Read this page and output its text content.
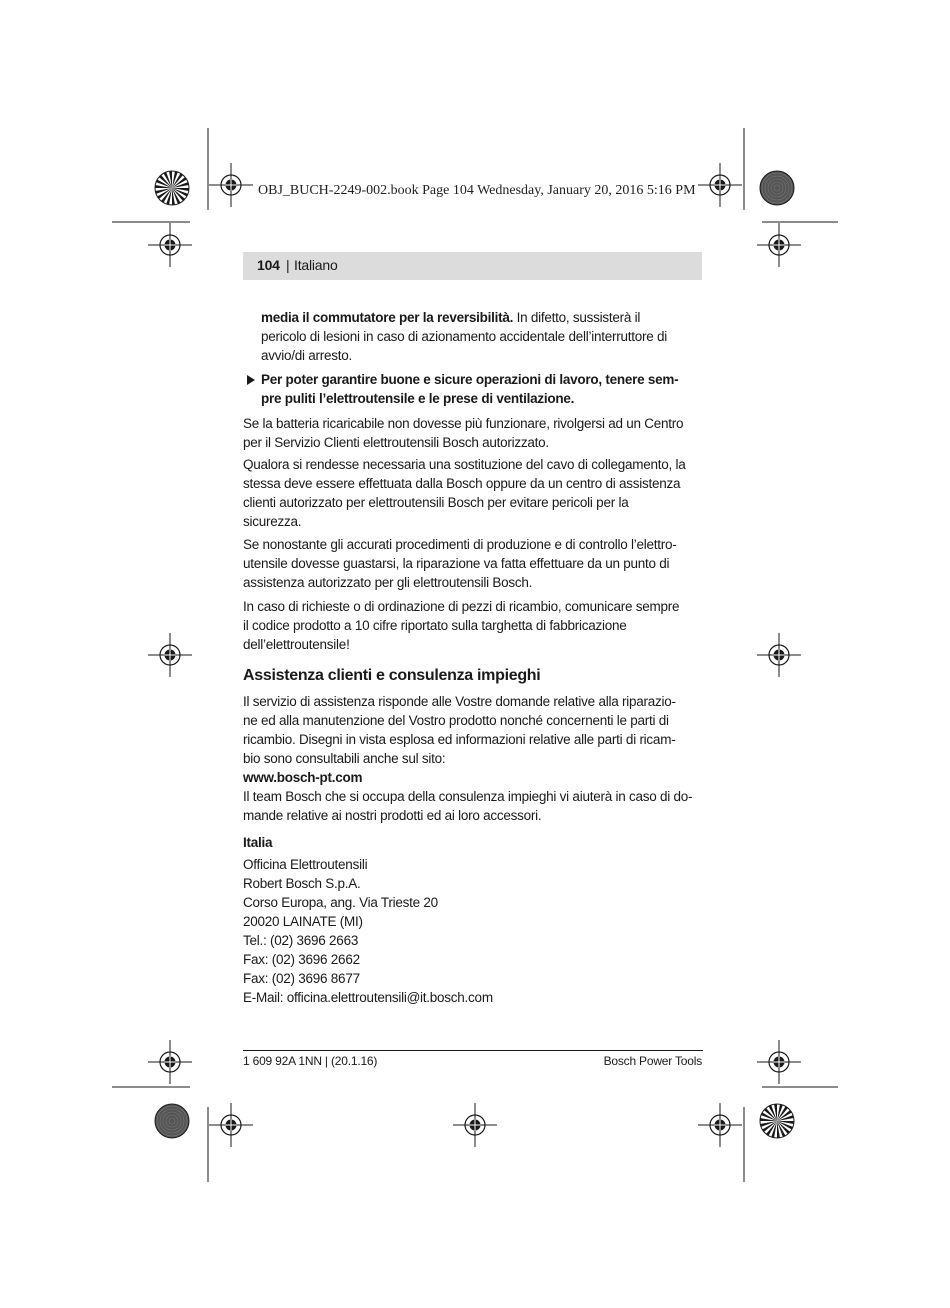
OBJ_BUCH-2249-002.book Page 104 Wednesday, January 20, 2016 5:16 PM
104 | Italiano
media il commutatore per la reversibilità. In difetto, sussisterà il
pericolo di lesioni in caso di azionamento accidentale dell’interruttore di
avvio/di arresto.
Per poter garantire buone e sicure operazioni di lavoro, tenere sem-
pre puliti l’elettroutensile e le prese di ventilazione.
Se la batteria ricaricabile non dovesse più funzionare, rivolgersi ad un Centro
per il Servizio Clienti elettroutensili Bosch autorizzato.
Qualora si rendesse necessaria una sostituzione del cavo di collegamento, la
stessa deve essere effettuata dalla Bosch oppure da un centro di assistenza
clienti autorizzato per elettroutensili Bosch per evitare pericoli per la
sicurezza.
Se nonostante gli accurati procedimenti di produzione e di controllo l’elettro-
utensile dovesse guastarsi, la riparazione va fatta effettuare da un punto di
assistenza autorizzato per gli elettroutensili Bosch.
In caso di richieste o di ordinazione di pezzi di ricambio, comunicare sempre
il codice prodotto a 10 cifre riportato sulla targhetta di fabbricazione
dell’elettroutensile!
Assistenza clienti e consulenza impieghi
Il servizio di assistenza risponde alle Vostre domande relative alla riparazio-
ne ed alla manutenzione del Vostro prodotto nonché concernenti le parti di
ricambio. Disegni in vista esplosa ed informazioni relative alle parti di ricam-
bio sono consultabili anche sul sito:
www.bosch-pt.com
Il team Bosch che si occupa della consulenza impieghi vi aiuterà in caso di do-
mande relative ai nostri prodotti ed ai loro accessori.
Italia
Officina Elettroutensili
Robert Bosch S.p.A.
Corso Europa, ang. Via Trieste 20
20020 LAINATE (MI)
Tel.: (02) 3696 2663
Fax: (02) 3696 2662
Fax: (02) 3696 8677
E-Mail: officina.elettroutensili@it.bosch.com
1 609 92A 1NN | (20.1.16)	Bosch Power Tools
